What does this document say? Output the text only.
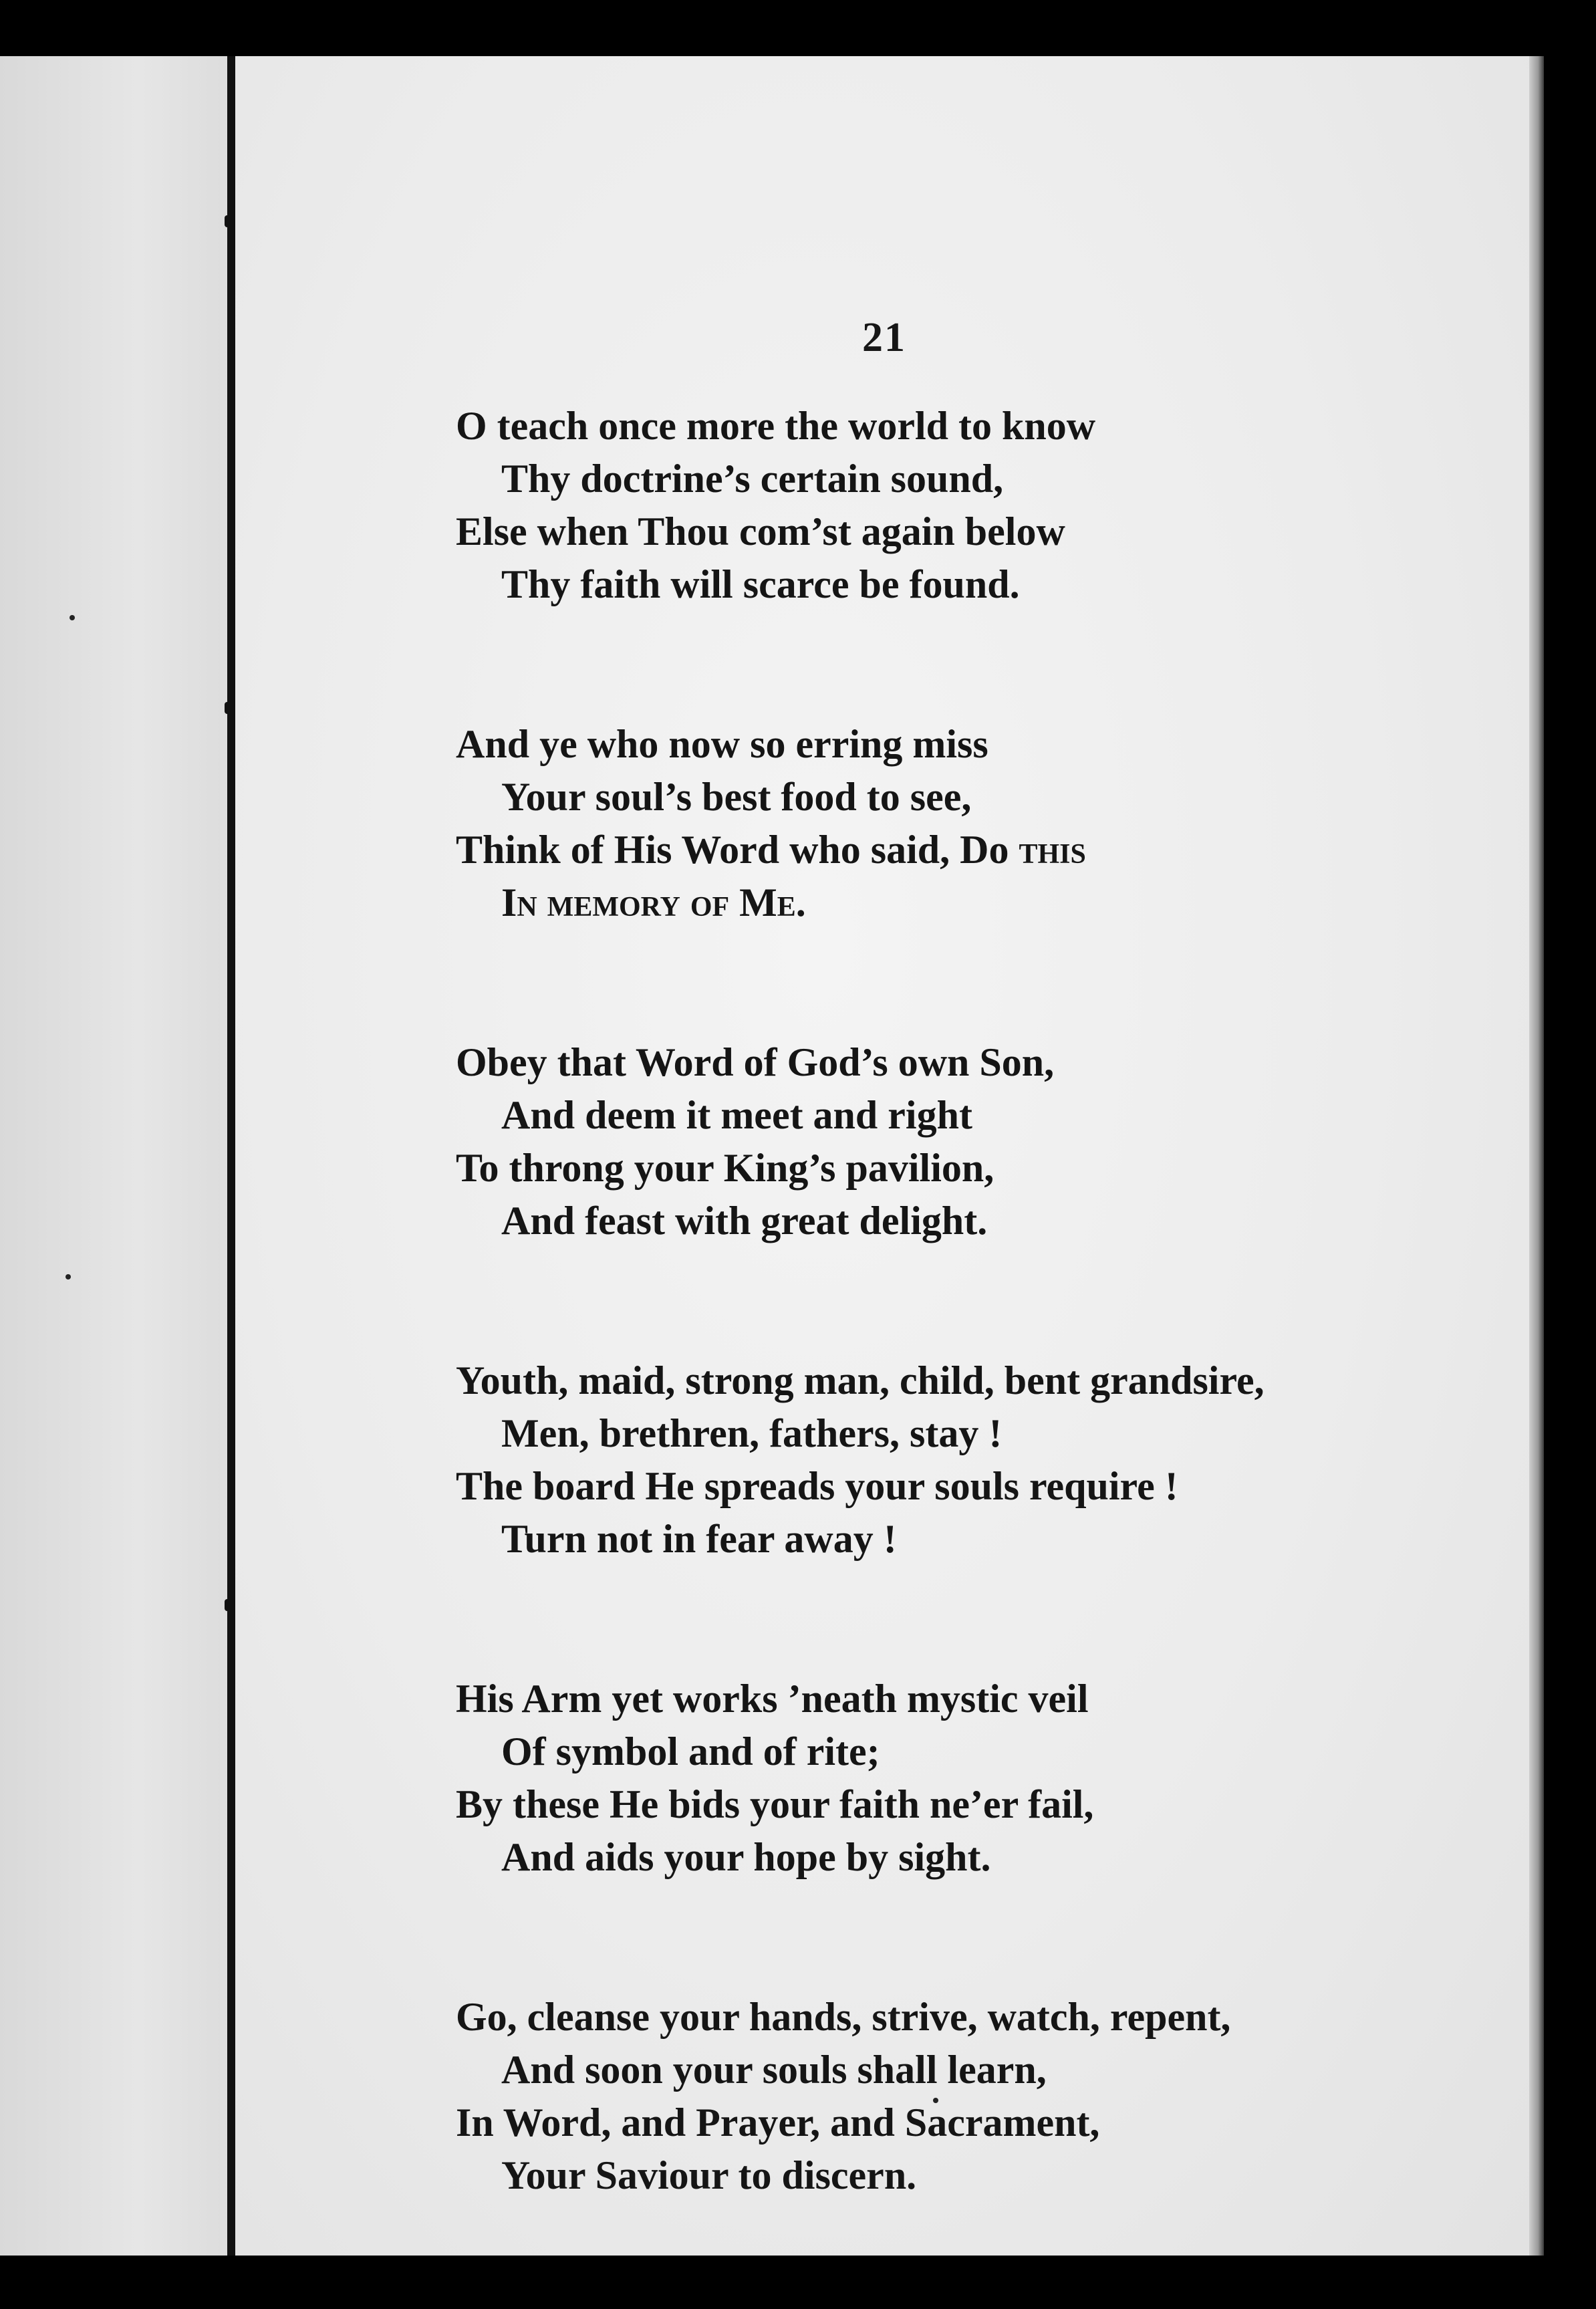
21
O teach once more the world to know
Thy doctrine’s certain sound,
Else when Thou com’st again below
Thy faith will scarce be found.
And ye who now so erring miss
Your soul’s best food to see,
Think of His Word who said, Do this
In memory of Me.
Obey that Word of God’s own Son,
And deem it meet and right
To throng your King’s pavilion,
And feast with great delight.
Youth, maid, strong man, child, bent grandsire,
Men, brethren, fathers, stay !
The board He spreads your souls require !
Turn not in fear away !
His Arm yet works ’neath mystic veil
Of symbol and of rite;
By these He bids your faith ne’er fail,
And aids your hope by sight.
Go, cleanse your hands, strive, watch, repent,
And soon your souls shall learn,
In Word, and Prayer, and Sacrament,
Your Saviour to discern.
